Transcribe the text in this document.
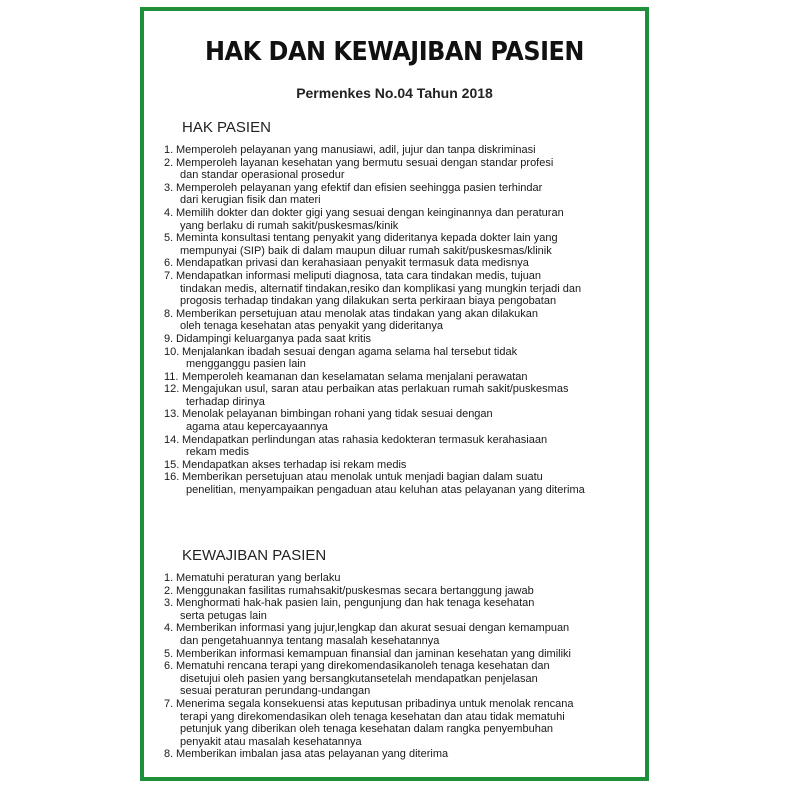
HAK DAN KEWAJIBAN PASIEN
Permenkes No.04 Tahun 2018
HAK PASIEN
1. Memperoleh pelayanan yang manusiawi, adil, jujur dan tanpa diskriminasi
2. Memperoleh layanan kesehatan yang bermutu sesuai dengan standar profesi
dan standar operasional prosedur
3. Memperoleh pelayanan yang efektif dan efisien seehingga pasien terhindar
dari kerugian fisik dan materi
4. Memilih dokter dan dokter gigi yang sesuai dengan keinginannya dan peraturan
yang berlaku di rumah sakit/puskesmas/kinik
5. Meminta konsultasi tentang penyakit yang dideritanya kepada dokter lain yang
mempunyai (SIP) baik di dalam maupun diluar rumah sakit/puskesmas/klinik
6. Mendapatkan privasi dan kerahasiaan penyakit termasuk data medisnya
7. Mendapatkan informasi meliputi diagnosa, tata cara tindakan medis, tujuan
tindakan medis, alternatif tindakan,resiko dan komplikasi yang mungkin terjadi dan
progosis terhadap tindakan yang dilakukan serta perkiraan biaya pengobatan
8. Memberikan persetujuan atau menolak atas tindakan yang akan dilakukan
oleh tenaga kesehatan atas penyakit yang dideritanya
9. Didampingi keluarganya pada saat kritis
10. Menjalankan ibadah sesuai dengan agama selama hal tersebut tidak
mengganggu pasien lain
11. Memperoleh keamanan dan keselamatan selama menjalani perawatan
12. Mengajukan usul, saran atau perbaikan atas perlakuan rumah sakit/puskesmas
terhadap dirinya
13. Menolak pelayanan bimbingan rohani yang tidak sesuai dengan
agama atau kepercayaannya
14. Mendapatkan perlindungan atas rahasia kedokteran termasuk kerahasiaan
rekam medis
15. Mendapatkan akses terhadap isi rekam medis
16. Memberikan persetujuan atau menolak untuk menjadi bagian dalam suatu
penelitian, menyampaikan pengaduan atau keluhan atas pelayanan yang diterima
KEWAJIBAN PASIEN
1. Mematuhi peraturan yang berlaku
2. Menggunakan fasilitas rumahsakit/puskesmas secara bertanggung jawab
3. Menghormati hak-hak pasien lain, pengunjung dan hak tenaga kesehatan
serta petugas lain
4. Memberikan informasi yang jujur,lengkap dan akurat sesuai dengan kemampuan
dan pengetahuannya tentang masalah kesehatannya
5. Memberikan informasi kemampuan finansial dan jaminan kesehatan yang dimiliki
6. Mematuhi rencana terapi yang direkomendasikanoleh tenaga kesehatan dan
disetujui oleh pasien yang bersangkutansetelah mendapatkan penjelasan
sesuai peraturan perundang-undangan
7. Menerima segala konsekuensi atas keputusan pribadinya untuk menolak rencana
terapi yang direkomendasikan oleh tenaga kesehatan dan atau tidak mematuhi
petunjuk yang diberikan oleh tenaga kesehatan dalam rangka penyembuhan
penyakit atau masalah kesehatannya
8. Memberikan imbalan jasa atas pelayanan yang diterima
